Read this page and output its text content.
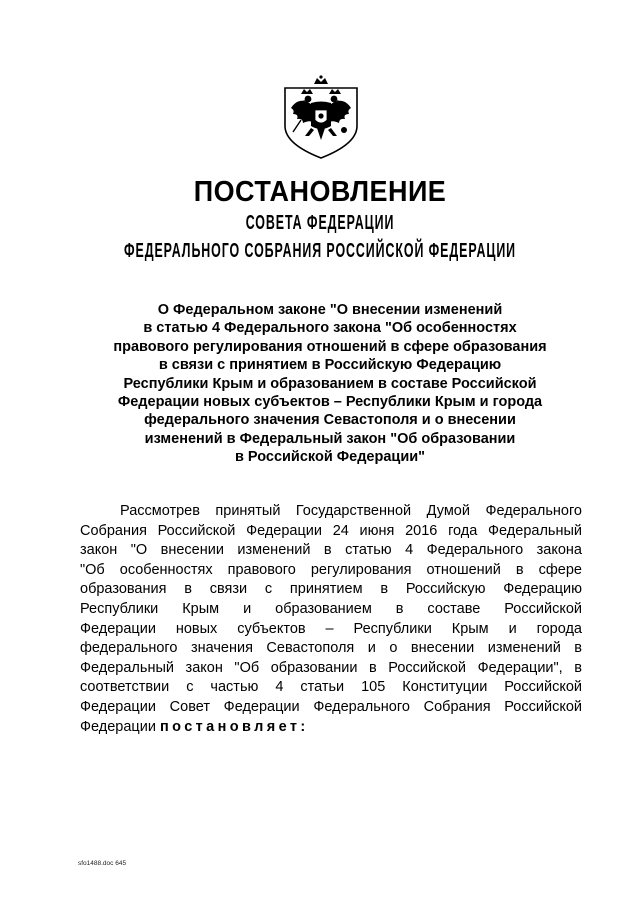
ПОСТАНОВЛЕНИЕ
СОВЕТА ФЕДЕРАЦИИ
ФЕДЕРАЛЬНОГО СОБРАНИЯ РОССИЙСКОЙ ФЕДЕРАЦИИ
О Федеральном законе "О внесении изменений
в статью 4 Федерального закона "Об особенностях
правового регулирования отношений в сфере образования
в связи с принятием в Российскую Федерацию
Республики Крым и образованием в составе Российской
Федерации новых субъектов – Республики Крым и города
федерального значения Севастополя и о внесении
изменений в Федеральный закон "Об образовании
в Российской Федерации"
Рассмотрев принятый Государственной Думой Федерального
Собрания Российской Федерации 24 июня 2016 года Федеральный
закон "О внесении изменений в статью 4 Федерального закона
"Об особенностях правового регулирования отношений в сфере
образования в связи с принятием в Российскую Федерацию
Республики Крым и образованием в составе Российской
Федерации новых субъектов – Республики Крым и города
федерального значения Севастополя и о внесении изменений в
Федеральный закон "Об образовании в Российской Федерации", в
соответствии с частью 4 статьи 105 Конституции Российской
Федерации Совет Федерации Федерального Собрания Российской
Федерации постановляет:
sfo1488.doc 645
